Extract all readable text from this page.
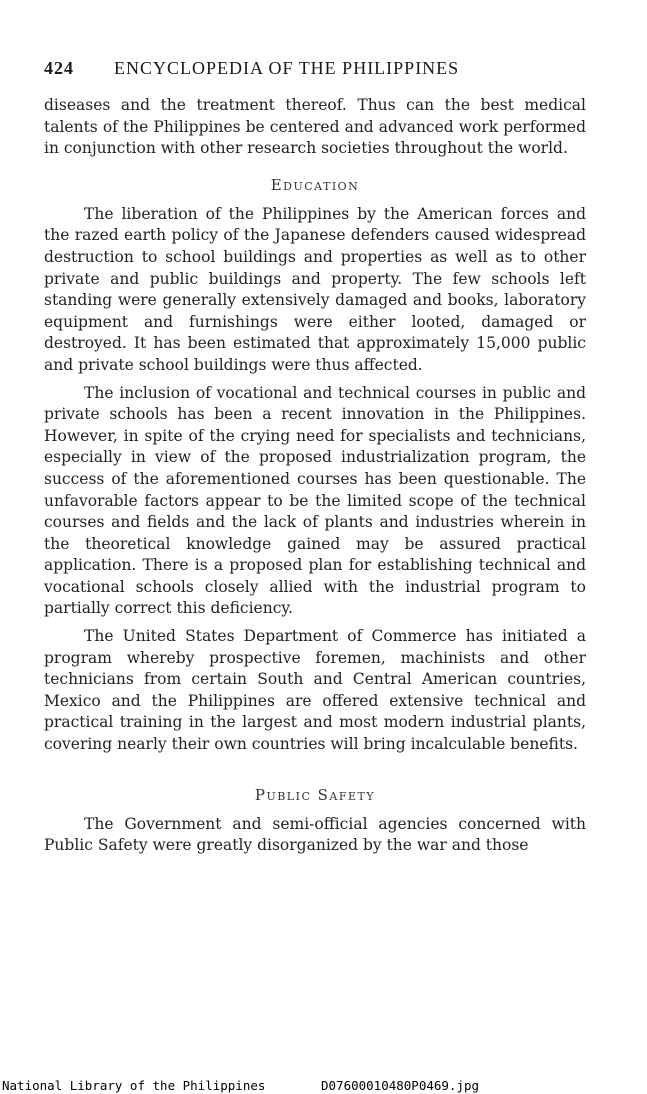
424 ENCYCLOPEDIA OF THE PHILIPPINES

diseases and the treatment thereof. Thus can the best medical talents of the Philippines be centered and advanced work performed in conjunction with other research societies throughout the world.

Education

The liberation of the Philippines by the American forces and the razed earth policy of the Japanese defenders caused widespread destruction to school buildings and properties as well as to other private and public buildings and property. The few schools left standing were generally extensively damaged and books, laboratory equipment and furnishings were either looted, damaged or destroyed. It has been estimated that approximately 15,000 public and private school buildings were thus affected.

The inclusion of vocational and technical courses in public and private schools has been a recent innovation in the Philippines. However, in spite of the crying need for specialists and technicians, especially in view of the proposed industrialization program, the success of the aforementioned courses has been questionable. The unfavorable factors appear to be the limited scope of the technical courses and fields and the lack of plants and industries wherein in the theoretical knowledge gained may be assured practical application. There is a proposed plan for establishing technical and vocational schools closely allied with the industrial program to partially correct this deficiency.

The United States Department of Commerce has initiated a program whereby prospective foremen, machinists and other technicians from certain South and Central American countries, Mexico and the Philippines are offered extensive technical and practical training in the largest and most modern industrial plants, covering nearly their own countries will bring incalculable benefits.

Public Safety

The Government and semi-official agencies concerned with Public Safety were greatly disorganized by the war and those

National Library of the Philippines	D07600010480P0469.jpg
